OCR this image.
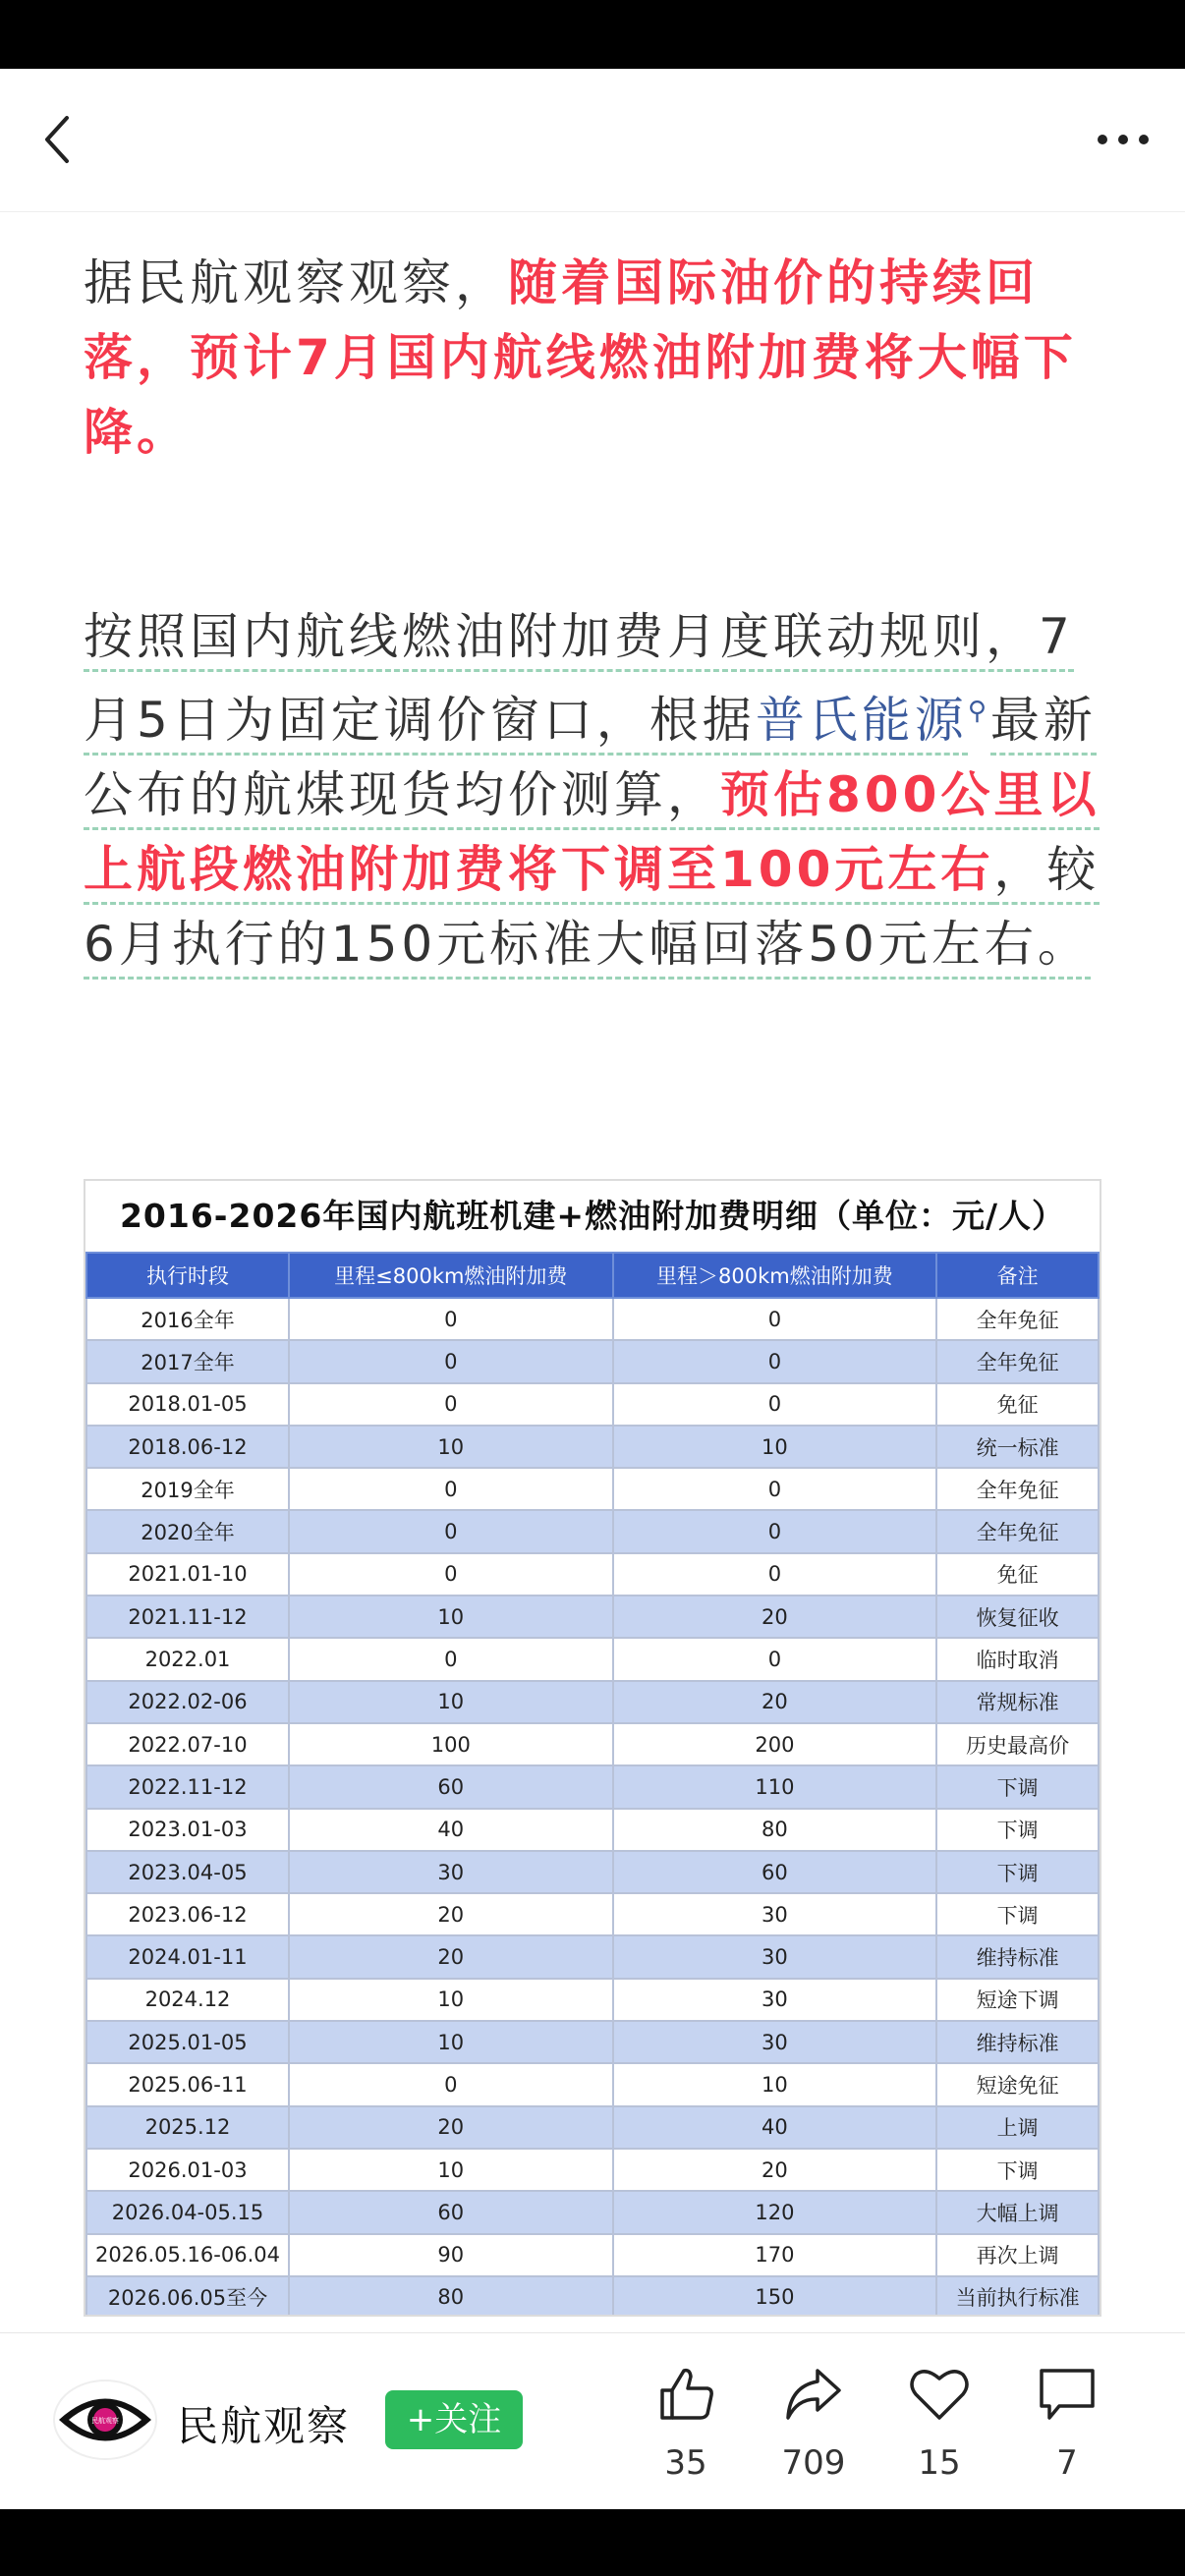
据民航观察观察，随着国际油价的持续回落，预计7月国内航线燃油附加费将大幅下降。

按照国内航线燃油附加费月度联动规则，7月5日为固定调价窗口，根据普氏能源⚲最新公布的航煤现货均价测算，预估800公里以上航段燃油附加费将下调至100元左右，较6月执行的150元标准大幅回落50元左右。

2016-2026年国内航班机建+燃油附加费明细（单位：元/人）
执行时段	里程≤800km燃油附加费	里程＞800km燃油附加费	备注
2016全年	0	0	全年免征
2017全年	0	0	全年免征
2018.01-05	0	0	免征
2018.06-12	10	10	统一标准
2019全年	0	0	全年免征
2020全年	0	0	全年免征
2021.01-10	0	0	免征
2021.11-12	10	20	恢复征收
2022.01	0	0	临时取消
2022.02-06	10	20	常规标准
2022.07-10	100	200	历史最高价
2022.11-12	60	110	下调
2023.01-03	40	80	下调
2023.04-05	30	60	下调
2023.06-12	20	30	下调
2024.01-11	20	30	维持标准
2024.12	10	30	短途下调
2025.01-05	10	30	维持标准
2025.06-11	0	10	短途免征
2025.12	20	40	上调
2026.01-03	10	20	下调
2026.04-05.15	60	120	大幅上调
2026.05.16-06.04	90	170	再次上调
2026.06.05至今	80	150	当前执行标准
民航观察 民航观察	+关注
35	709	15	7
